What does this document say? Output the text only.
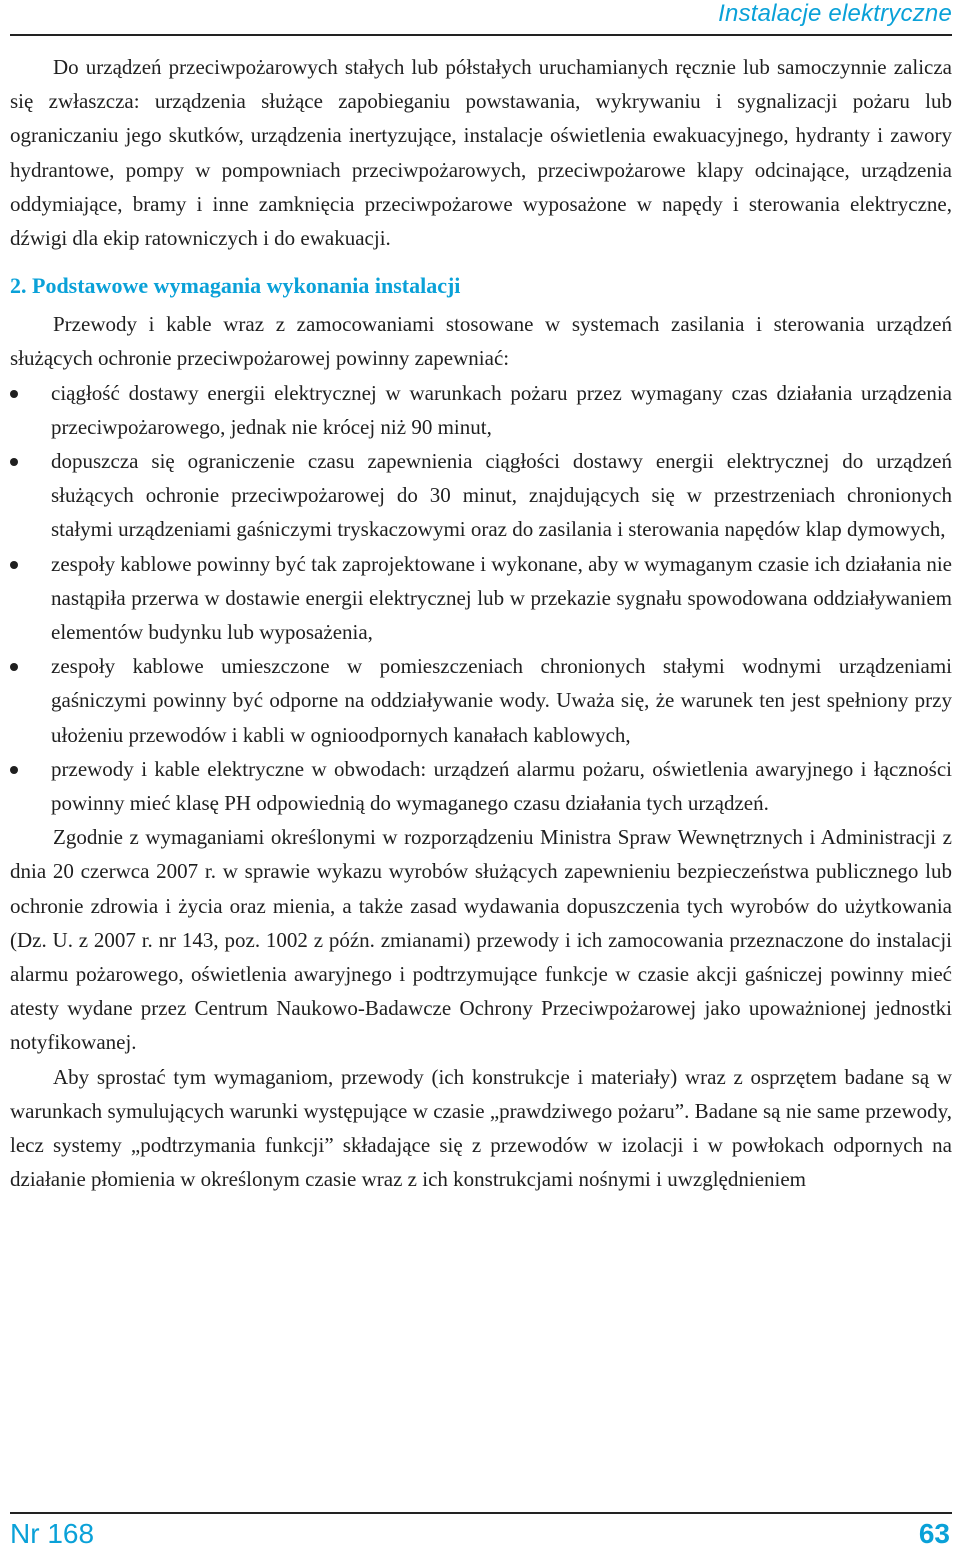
Instalacje elektryczne

Do urządzeń przeciwpożarowych stałych lub półstałych uruchamianych ręcznie lub samoczynnie zalicza się zwłaszcza: urządzenia służące zapobieganiu powstawania, wykrywaniu i sygnalizacji pożaru lub ograniczaniu jego skutków, urządzenia inertyzujące, instalacje oświetlenia ewakuacyjnego, hydranty i zawory hydrantowe, pompy w pompowniach przeciwpożarowych, przeciwpożarowe klapy odcinające, urządzenia oddymiające, bramy i inne zamknięcia przeciwpożarowe wyposażone w napędy i sterowania elektryczne, dźwigi dla ekip ratowniczych i do ewakuacji.

2. Podstawowe wymagania wykonania instalacji

Przewody i kable wraz z zamocowaniami stosowane w systemach zasilania i sterowania urządzeń służących ochronie przeciwpożarowej powinny zapewniać:

ciągłość dostawy energii elektrycznej w warunkach pożaru przez wymagany czas działania urządzenia przeciwpożarowego, jednak nie krócej niż 90 minut,
dopuszcza się ograniczenie czasu zapewnienia ciągłości dostawy energii elektrycznej do urządzeń służących ochronie przeciwpożarowej do 30 minut, znajdujących się w przestrzeniach chronionych stałymi urządzeniami gaśniczymi tryskaczowymi oraz do zasilania i sterowania napędów klap dymowych,
zespoły kablowe powinny być tak zaprojektowane i wykonane, aby w wymaganym czasie ich działania nie nastąpiła przerwa w dostawie energii elektrycznej lub w przekazie sygnału spowodowana oddziaływaniem elementów budynku lub wyposażenia,
zespoły kablowe umieszczone w pomieszczeniach chronionych stałymi wodnymi urządzeniami gaśniczymi powinny być odporne na oddziaływanie wody. Uważa się, że warunek ten jest spełniony przy ułożeniu przewodów i kabli w ognioodpornych kanałach kablowych,
przewody i kable elektryczne w obwodach: urządzeń alarmu pożaru, oświetlenia awaryjnego i łączności powinny mieć klasę PH odpowiednią do wymaganego czasu działania tych urządzeń.

Zgodnie z wymaganiami określonymi w rozporządzeniu Ministra Spraw Wewnętrznych i Administracji z dnia 20 czerwca 2007 r. w sprawie wykazu wyrobów służących zapewnieniu bezpieczeństwa publicznego lub ochronie zdrowia i życia oraz mienia, a także zasad wydawania dopuszczenia tych wyrobów do użytkowania (Dz. U. z 2007 r. nr 143, poz. 1002 z późn. zmianami) przewody i ich zamocowania przeznaczone do instalacji alarmu pożarowego, oświetlenia awaryjnego i podtrzymujące funkcje w czasie akcji gaśniczej powinny mieć atesty wydane przez Centrum Naukowo-Badawcze Ochrony Przeciwpożarowej jako upoważnionej jednostki notyfikowanej.

Aby sprostać tym wymaganiom, przewody (ich konstrukcje i materiały) wraz z osprzętem badane są w warunkach symulujących warunki występujące w czasie „prawdziwego pożaru”. Badane są nie same przewody, lecz systemy „podtrzymania funkcji” składające się z przewodów w izolacji i w powłokach odpornych na działanie płomienia w określonym czasie wraz z ich konstrukcjami nośnymi i uwzględnieniem

Nr 168	63
